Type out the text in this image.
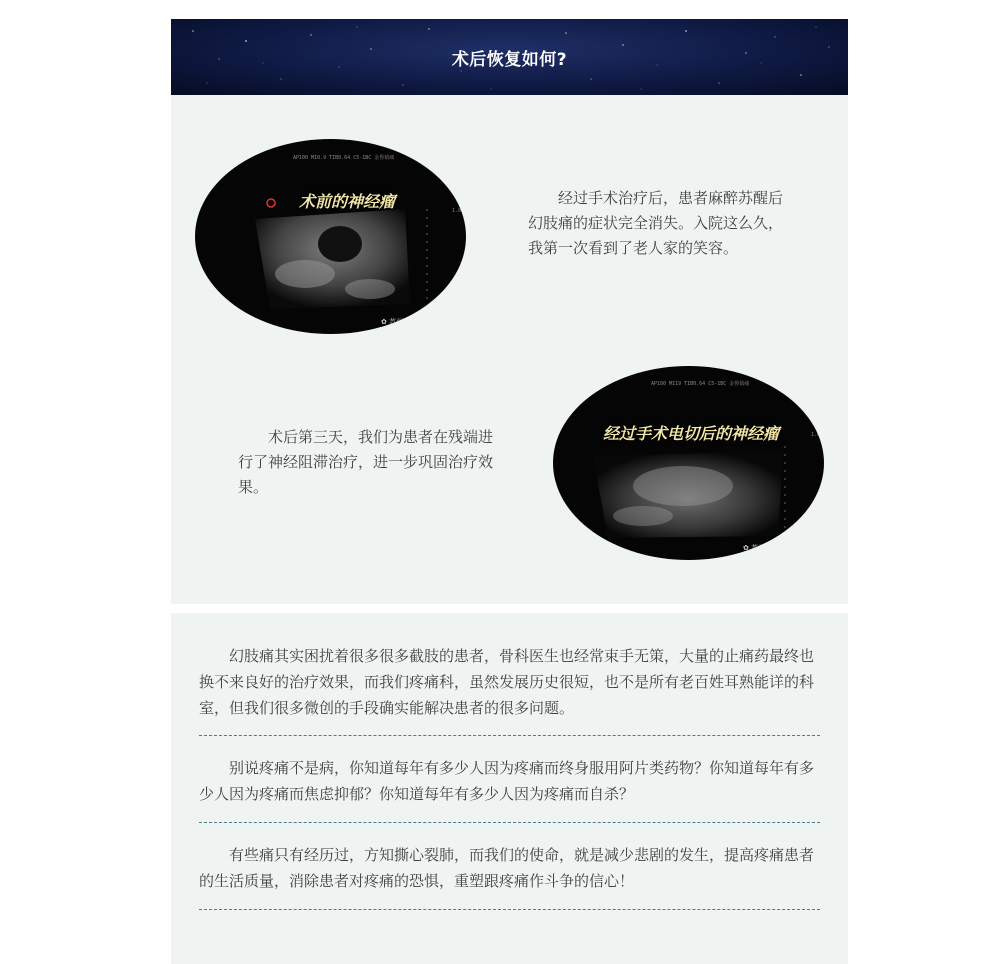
术后恢复如何?
AP100 MI0.9 TIB0.64 C5-1BC 金鲁镇痛
1.0
术前的神经瘤
✿ 苏州市

经过手术治疗后，患者麻醉苏醒后幻肢痛的症状完全消失。入院这么久，我第一次看到了老人家的笑容。

术后第三天，我们为患者在残端进行了神经阻滞治疗，进一步巩固治疗效果。

AP100 MI19 TIB0.64 C5-1BC 金鲁镇痛
1.0
经过手术电切后的神经瘤
✿ 苏州市

幻肢痛其实困扰着很多很多截肢的患者，骨科医生也经常束手无策，大量的止痛药最终也换不来良好的治疗效果，而我们疼痛科，虽然发展历史很短，也不是所有老百姓耳熟能详的科室，但我们很多微创的手段确实能解决患者的很多问题。

别说疼痛不是病，你知道每年有多少人因为疼痛而终身服用阿片类药物？你知道每年有多少人因为疼痛而焦虑抑郁？你知道每年有多少人因为疼痛而自杀？

有些痛只有经历过，方知撕心裂肺，而我们的使命，就是减少悲剧的发生，提高疼痛患者的生活质量，消除患者对疼痛的恐惧，重塑跟疼痛作斗争的信心！
